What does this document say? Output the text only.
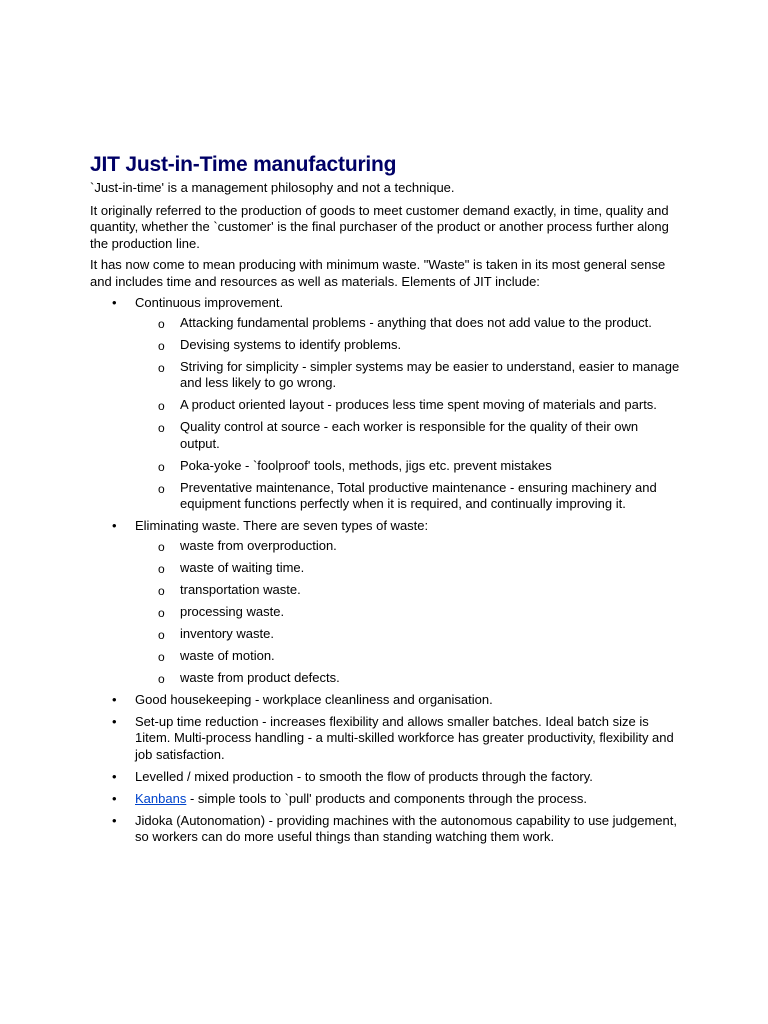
JIT Just-in-Time manufacturing

`Just-in-time' is a management philosophy and not a technique.

It originally referred to the production of goods to meet customer demand exactly, in time, quality and quantity, whether the `customer' is the final purchaser of the product or another process further along the production line.

It has now come to mean producing with minimum waste. "Waste" is taken in its most general sense and includes time and resources as well as materials. Elements of JIT include:

• Continuous improvement.
o Attacking fundamental problems - anything that does not add value to the product.
o Devising systems to identify problems.
o Striving for simplicity - simpler systems may be easier to understand, easier to manage and less likely to go wrong.
o A product oriented layout - produces less time spent moving of materials and parts.
o Quality control at source - each worker is responsible for the quality of their own output.
o Poka-yoke - `foolproof' tools, methods, jigs etc. prevent mistakes
o Preventative maintenance, Total productive maintenance - ensuring machinery and equipment functions perfectly when it is required, and continually improving it.
• Eliminating waste. There are seven types of waste:
o waste from overproduction.
o waste of waiting time.
o transportation waste.
o processing waste.
o inventory waste.
o waste of motion.
o waste from product defects.
• Good housekeeping - workplace cleanliness and organisation.
• Set-up time reduction - increases flexibility and allows smaller batches. Ideal batch size is 1item. Multi-process handling - a multi-skilled workforce has greater productivity, flexibility and job satisfaction.
• Levelled / mixed production - to smooth the flow of products through the factory.
• Kanbans - simple tools to `pull' products and components through the process.
• Jidoka (Autonomation) - providing machines with the autonomous capability to use judgement, so workers can do more useful things than standing watching them work.
